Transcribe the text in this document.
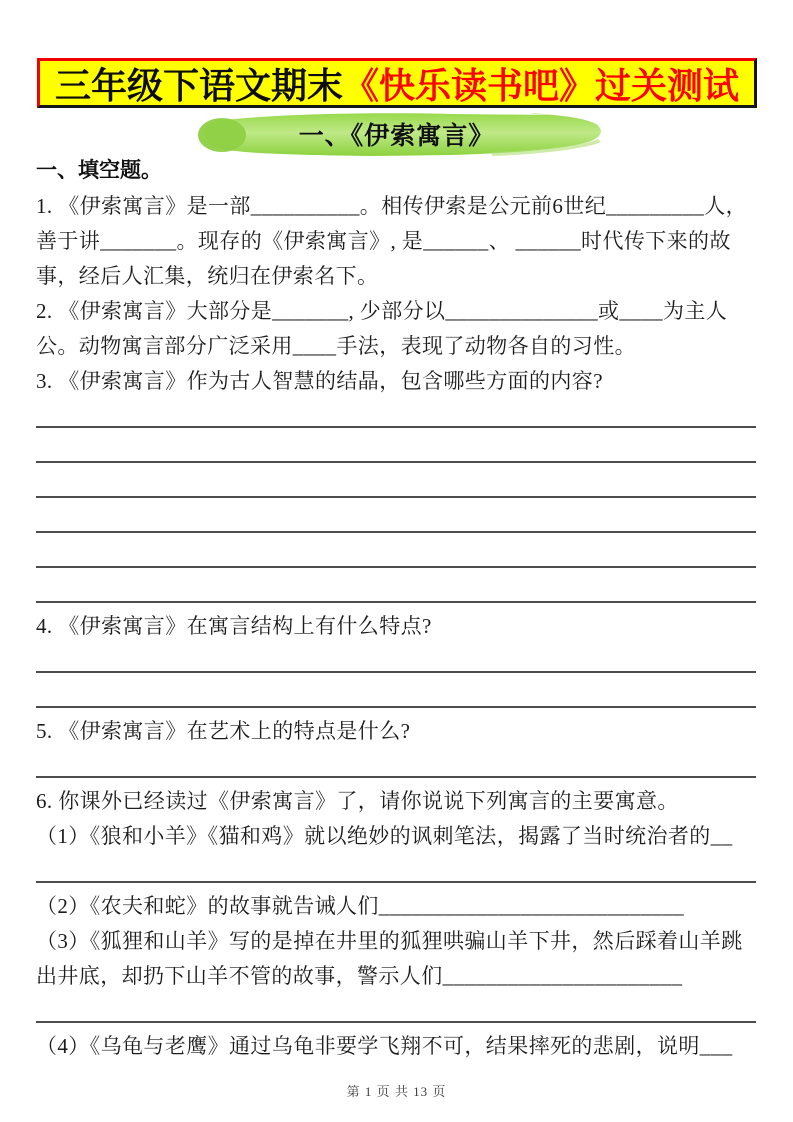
三年级下语文期末 《快乐读书吧》过关测试
一、《伊索寓言》
一、填空题。
1. 《伊索寓言》是一部__________。相传伊索是公元前6世纪_________人，
善于讲_______。现存的《伊索寓言》, 是______、 ______时代传下来的故
事，经后人汇集，统归在伊索名下。
2. 《伊索寓言》大部分是_______, 少部分以______________或____为主人
公。动物寓言部分广泛采用____手法，表现了动物各自的习性。
3. 《伊索寓言》作为古人智慧的结晶，包含哪些方面的内容?
4. 《伊索寓言》在寓言结构上有什么特点?
5. 《伊索寓言》在艺术上的特点是什么?
6. 你课外已经读过《伊索寓言》了，请你说说下列寓言的主要寓意。
（1）《狼和小羊》《猫和鸡》就以绝妙的讽刺笔法，揭露了当时统治者的__
（2）《农夫和蛇》的故事就告诫人们____________________________
（3）《狐狸和山羊》写的是掉在井里的狐狸哄骗山羊下井，然后踩着山羊跳
出井底，却扔下山羊不管的故事，警示人们______________________
（4）《乌龟与老鹰》通过乌龟非要学飞翔不可，结果摔死的悲剧，说明___
第 1 页 共 13 页
